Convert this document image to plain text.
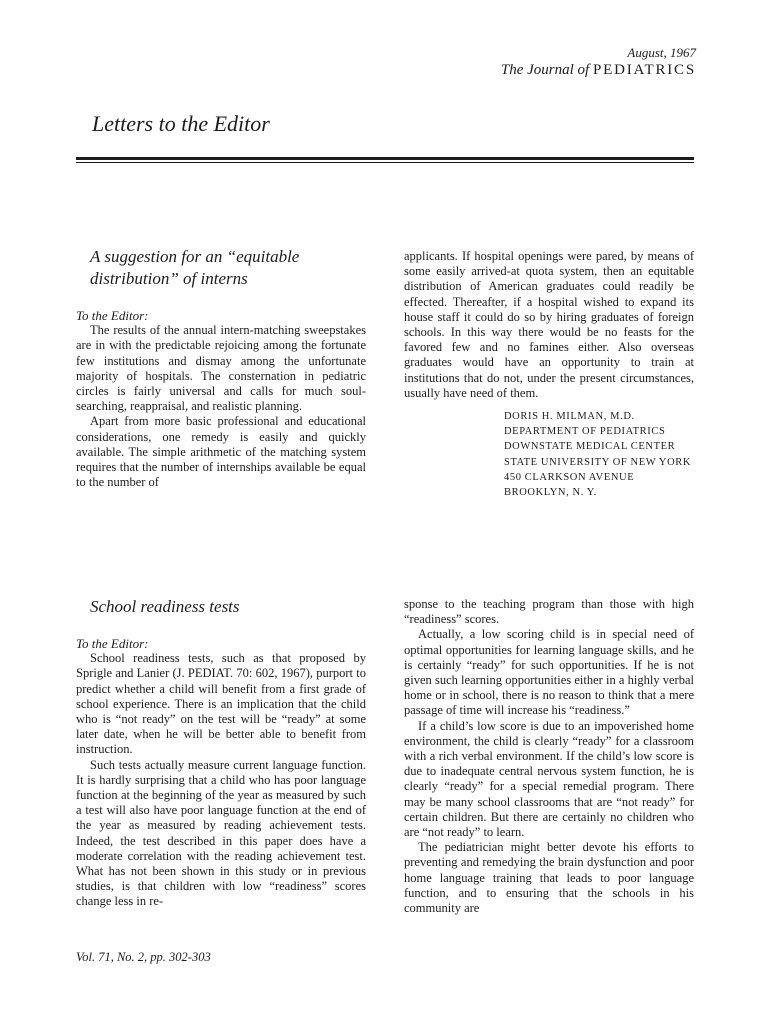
August, 1967
The Journal of PEDIATRICS
Letters to the Editor
A suggestion for an “equitable
distribution” of interns

To the Editor:

The results of the annual intern-matching sweepstakes are in with the predictable rejoicing among the fortunate few institutions and dismay among the unfortunate majority of hospitals. The consternation in pediatric circles is fairly universal and calls for much soul-searching, reappraisal, and realistic planning.

Apart from more basic professional and educational considerations, one remedy is easily and quickly available. The simple arithmetic of the matching system requires that the number of internships available be equal to the number of

applicants. If hospital openings were pared, by means of some easily arrived-at quota system, then an equitable distribution of American graduates could readily be effected. Thereafter, if a hospital wished to expand its house staff it could do so by hiring graduates of foreign schools. In this way there would be no feasts for the favored few and no famines either. Also overseas graduates would have an opportunity to train at institutions that do not, under the present circumstances, usually have need of them.

DORIS H. MILMAN, M.D.
DEPARTMENT OF PEDIATRICS
DOWNSTATE MEDICAL CENTER
STATE UNIVERSITY OF NEW YORK
450 CLARKSON AVENUE
BROOKLYN, N. Y.
School readiness tests

To the Editor:

School readiness tests, such as that proposed by Sprigle and Lanier (J. PEDIAT. 70: 602, 1967), purport to predict whether a child will benefit from a first grade of school experience. There is an implication that the child who is “not ready” on the test will be “ready” at some later date, when he will be better able to benefit from instruction.

Such tests actually measure current language function. It is hardly surprising that a child who has poor language function at the beginning of the year as measured by such a test will also have poor language function at the end of the year as measured by reading achievement tests. Indeed, the test described in this paper does have a moderate correlation with the reading achievement test. What has not been shown in this study or in previous studies, is that children with low “readiness” scores change less in re-

sponse to the teaching program than those with high “readiness” scores.

Actually, a low scoring child is in special need of optimal opportunities for learning language skills, and he is certainly “ready” for such opportunities. If he is not given such learning opportunities either in a highly verbal home or in school, there is no reason to think that a mere passage of time will increase his “readiness.”

If a child’s low score is due to an impoverished home environment, the child is clearly “ready” for a classroom with a rich verbal environment. If the child’s low score is due to inadequate central nervous system function, he is clearly “ready” for a special remedial program. There may be many school classrooms that are “not ready” for certain children. But there are certainly no children who are “not ready” to learn.

The pediatrician might better devote his efforts to preventing and remedying the brain dysfunction and poor home language training that leads to poor language function, and to ensuring that the schools in his community are

Vol. 71, No. 2, pp. 302-303
